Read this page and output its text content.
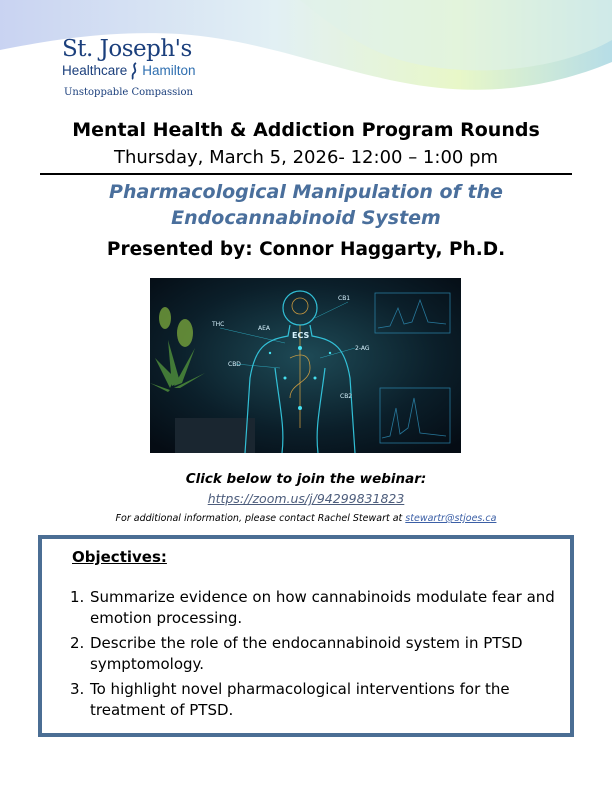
St. Joseph's
Healthcare Hamilton
Unstoppable Compassion
Mental Health & Addiction Program Rounds
Thursday, March 5, 2026- 12:00 – 1:00 pm
Pharmacological Manipulation of the
Endocannabinoid System
Presented by: Connor Haggarty, Ph.D.
ECS
THC
CBD
AEA
CB1
CB2
2-AG
Click below to join the webinar:
https://zoom.us/j/94299831823
For additional information, please contact Rachel Stewart at stewartr@stjoes.ca
Objectives:
1. Summarize evidence on how cannabinoids modulate fear and emotion processing.
2. Describe the role of the endocannabinoid system in PTSD symptomology.
3. To highlight novel pharmacological interventions for the treatment of PTSD.
